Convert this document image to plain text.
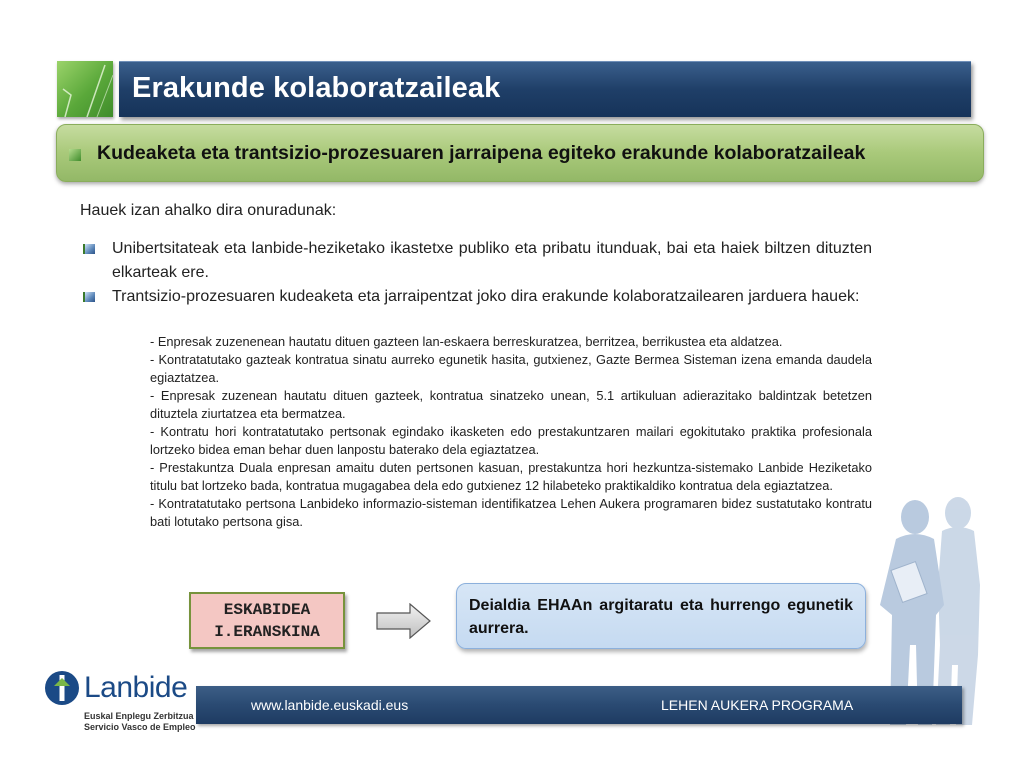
Erakunde kolaboratzaileak
Kudeaketa eta trantsizio-prozesuaren jarraipena egiteko erakunde kolaboratzaileak
Hauek izan ahalko dira onuradunak:
Unibertsitateak eta lanbide-heziketako ikastetxe publiko eta pribatu itunduak, bai eta haiek biltzen dituzten elkarteak ere.
Trantsizio-prozesuaren kudeaketa eta jarraipentzat joko dira erakunde kolaboratzailearen jarduera hauek:

- Enpresak zuzenenean hautatu dituen gazteen lan-eskaera berreskuratzea, berritzea, berrikustea eta aldatzea.

- Kontratatutako gazteak kontratua sinatu aurreko egunetik hasita, gutxienez, Gazte Bermea Sisteman izena emanda daudela egiaztatzea.

- Enpresak zuzenean hautatu dituen gazteek, kontratua sinatzeko unean, 5.1 artikuluan adierazitako baldintzak betetzen dituztela ziurtatzea eta bermatzea.

- Kontratu hori kontratatutako pertsonak egindako ikasketen edo prestakuntzaren mailari egokitutako praktika profesionala lortzeko bidea eman behar duen lanpostu baterako dela egiaztatzea.

- Prestakuntza Duala enpresan amaitu duten pertsonen kasuan, prestakuntza hori hezkuntza-sistemako Lanbide Heziketako titulu bat lortzeko bada, kontratua mugagabea dela edo gutxienez 12 hilabeteko praktikaldiko kontratua dela egiaztatzea.

- Kontratatutako pertsona Lanbideko informazio-sisteman identifikatzea Lehen Aukera programaren bidez sustatutako kontratu bati lotutako pertsona gisa.

ESKABIDEA
I.ERANSKINA
Deialdia EHAAn argitaratu eta hurrengo egunetik aurrera.
Lanbide
Euskal Enplegu Zerbitzua
Servicio Vasco de Empleo
www.lanbide.euskadi.eus	LEHEN AUKERA PROGRAMA
